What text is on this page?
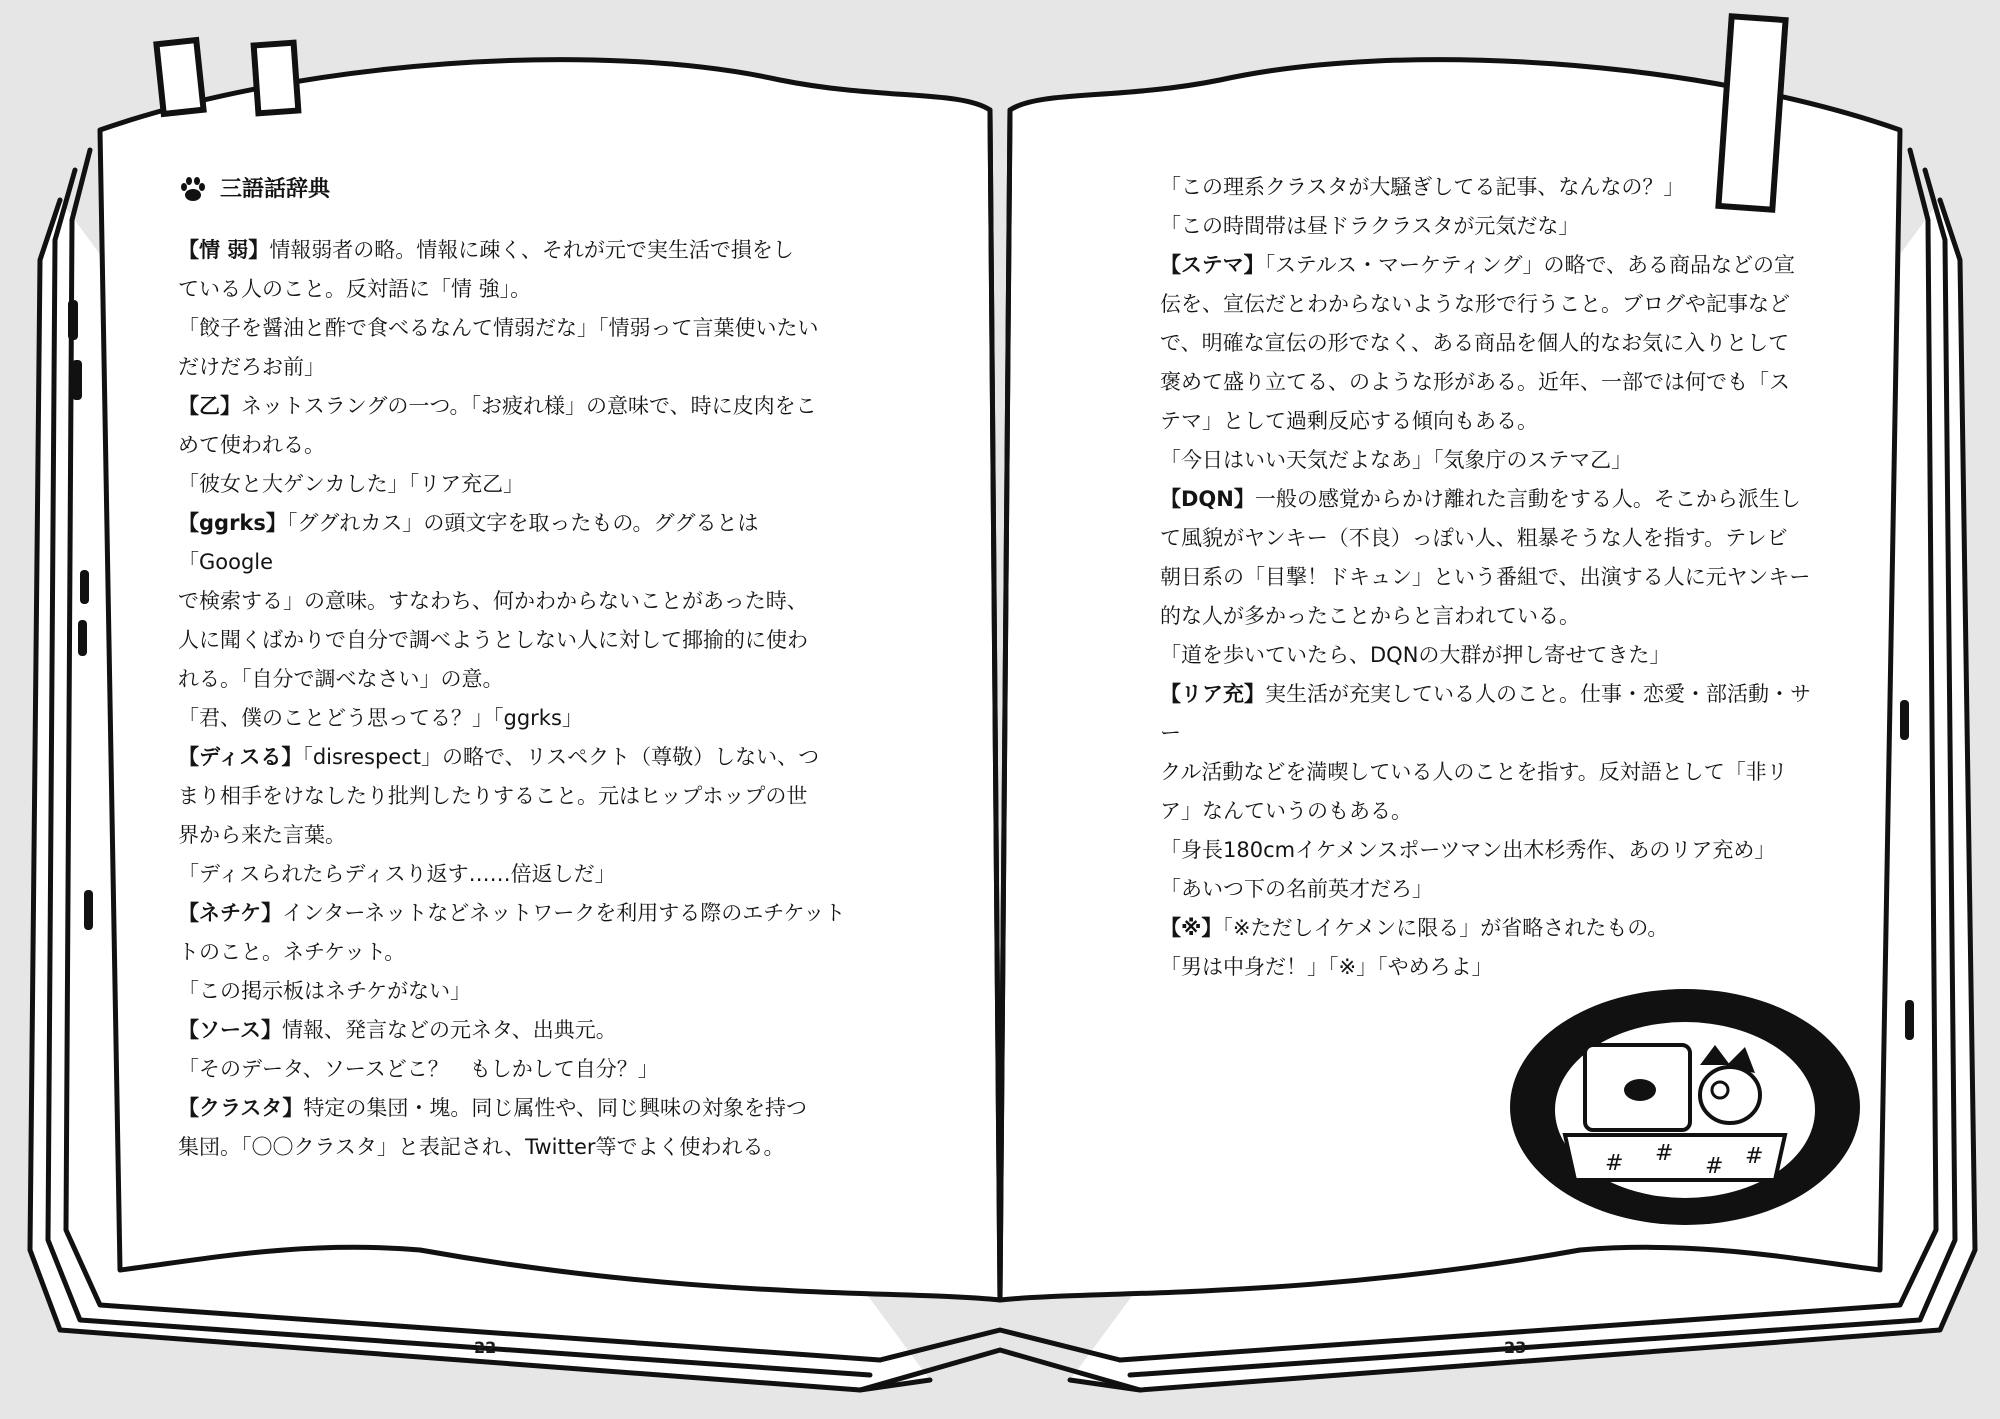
三語話辞典

【情 弱】情報弱者の略。情報に疎く、それが元で実生活で損をし

ている人のこと。反対語に「情 強」。

「餃子を醤油と酢で食べるなんて情弱だな」「情弱って言葉使いたい

だけだろお前」

【乙】ネットスラングの一つ。「お疲れ様」の意味で、時に皮肉をこ

めて使われる。

「彼女と大ゲンカした」「リア充乙」

【ggrks】「ググれカス」の頭文字を取ったもの。ググるとは「Google

で検索する」の意味。すなわち、何かわからないことがあった時、

人に聞くばかりで自分で調べようとしない人に対して揶揄的に使わ

れる。「自分で調べなさい」の意。

「君、僕のことどう思ってる？」「ggrks」

【ディスる】「disrespect」の略で、リスペクト（尊敬）しない、つ

まり相手をけなしたり批判したりすること。元はヒップホップの世

界から来た言葉。

「ディスられたらディスり返す……倍返しだ」

【ネチケ】インターネットなどネットワークを利用する際のエチケット

トのこと。ネチケット。

「この掲示板はネチケがない」

【ソース】情報、発言などの元ネタ、出典元。

「そのデータ、ソースどこ？　もしかして自分？」

【クラスタ】特定の集団・塊。同じ属性や、同じ興味の対象を持つ

集団。「〇〇クラスタ」と表記され、Twitter等でよく使われる。

「この理系クラスタが大騒ぎしてる記事、なんなの？」

「この時間帯は昼ドラクラスタが元気だな」

【ステマ】「ステルス・マーケティング」の略で、ある商品などの宣

伝を、宣伝だとわからないような形で行うこと。ブログや記事など

で、明確な宣伝の形でなく、ある商品を個人的なお気に入りとして

褒めて盛り立てる、のような形がある。近年、一部では何でも「ス

テマ」として過剰反応する傾向もある。

「今日はいい天気だよなあ」「気象庁のステマ乙」

【DQN】一般の感覚からかけ離れた言動をする人。そこから派生し

て風貌がヤンキー（不良）っぽい人、粗暴そうな人を指す。テレビ

朝日系の「目撃！ドキュン」という番組で、出演する人に元ヤンキー

的な人が多かったことからと言われている。

「道を歩いていたら、DQNの大群が押し寄せてきた」

【リア充】実生活が充実している人のこと。仕事・恋愛・部活動・サー

クル活動などを満喫している人のことを指す。反対語として「非リ

ア」なんていうのもある。

「身長180cmイケメンスポーツマン出木杉秀作、あのリア充め」

「あいつ下の名前英才だろ」

【※】「※ただしイケメンに限る」が省略されたもの。

「男は中身だ！」「※」「やめろよ」

# #
# #
22	23
